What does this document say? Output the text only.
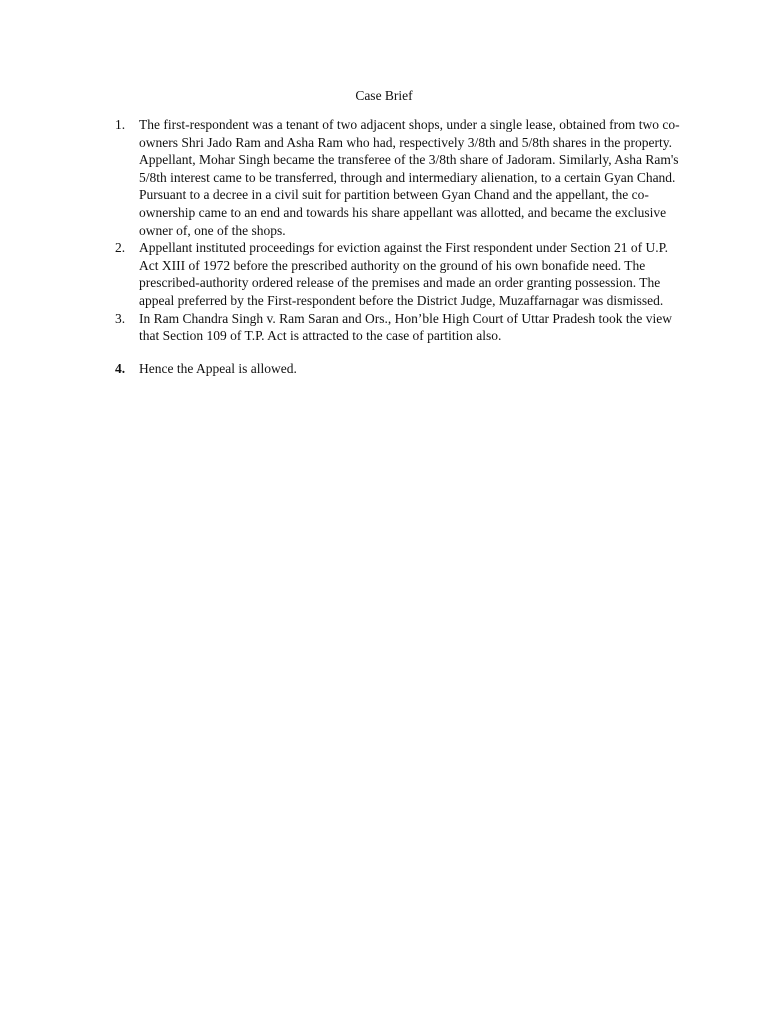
Case Brief
1.	The first-respondent was a tenant of two adjacent shops, under a single lease, obtained from two co-owners Shri Jado Ram and Asha Ram who had, respectively 3/8th and 5/8th shares in the property. Appellant, Mohar Singh became the transferee of the 3/8th share of Jadoram. Similarly, Asha Ram's 5/8th interest came to be transferred, through and intermediary alienation, to a certain Gyan Chand. Pursuant to a decree in a civil suit for partition between Gyan Chand and the appellant, the co-ownership came to an end and towards his share appellant was allotted, and became the exclusive owner of, one of the shops.
2.	Appellant instituted proceedings for eviction against the First respondent under Section 21 of U.P. Act XIII of 1972 before the prescribed authority on the ground of his own bonafide need. The prescribed-authority ordered release of the premises and made an order granting possession. The appeal preferred by the First-respondent before the District Judge, Muzaffarnagar was dismissed.
3.	In Ram Chandra Singh v. Ram Saran and Ors., Hon’ble High Court of Uttar Pradesh took the view that Section 109 of T.P. Act is attracted to the case of partition also.
4.	Hence the Appeal is allowed.
